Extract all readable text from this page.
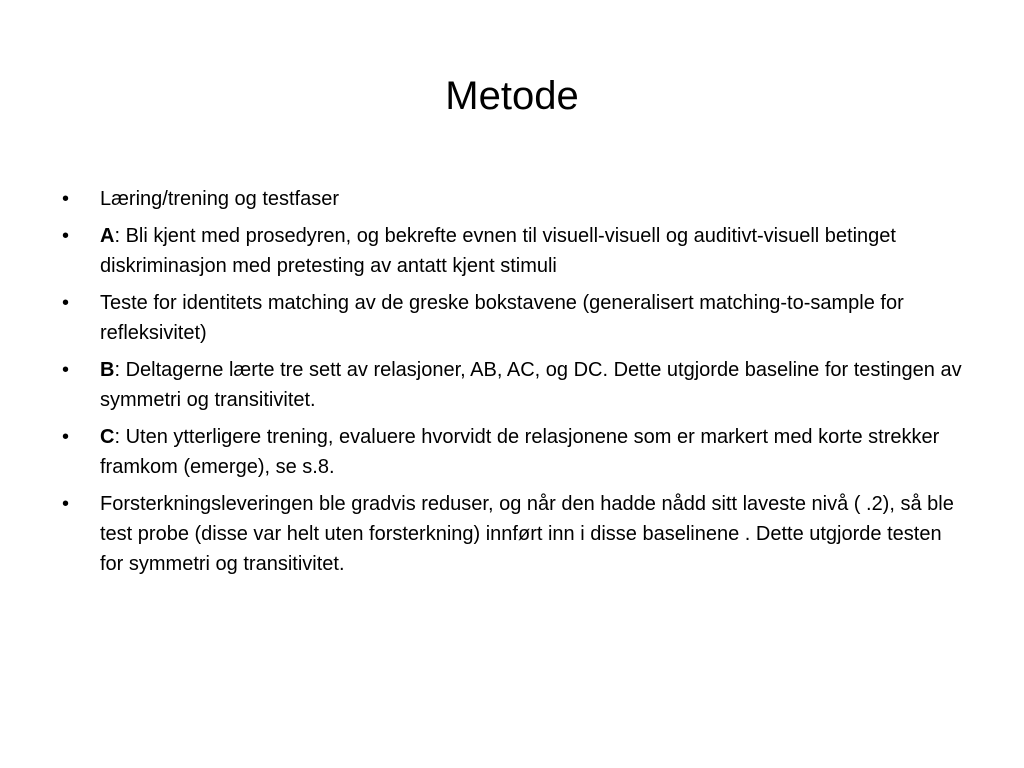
Metode
•	Læring/trening og testfaser
•	A: Bli kjent med prosedyren, og bekrefte evnen til visuell-visuell og auditivt-visuell betinget diskriminasjon med pretesting av antatt kjent stimuli
•	Teste for identitets matching av de greske bokstavene (generalisert matching-to-sample for refleksivitet)
•	B: Deltagerne lærte tre sett av relasjoner, AB, AC, og DC. Dette utgjorde baseline for testingen av symmetri og transitivitet.
•	C: Uten ytterligere trening, evaluere hvorvidt de relasjonene som er markert med korte strekker framkom (emerge), se s.8.
•	Forsterkningsleveringen ble gradvis reduser, og når den hadde nådd sitt laveste nivå ( .2), så ble test probe (disse var helt uten forsterkning) innført inn i disse baselinene . Dette utgjorde testen for symmetri og transitivitet.
